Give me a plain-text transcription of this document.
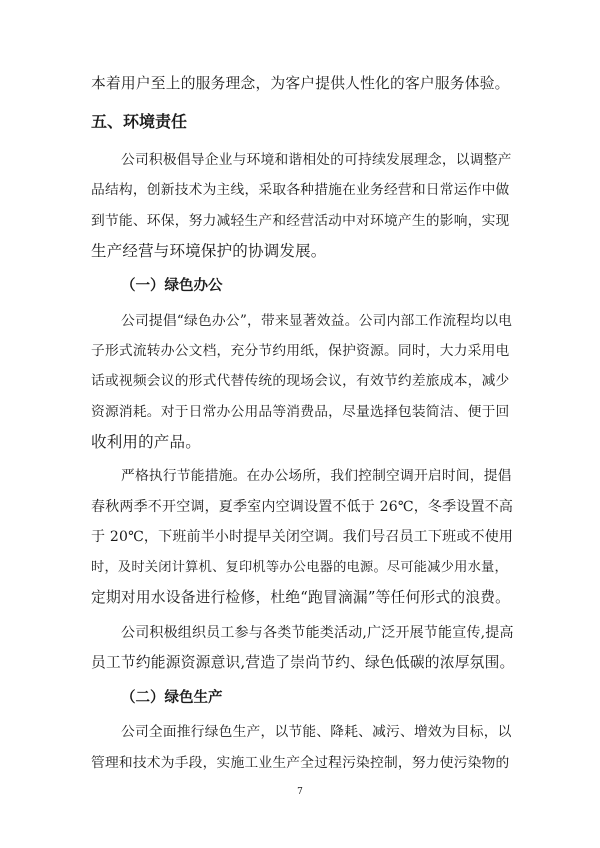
本着用户至上的服务理念，为客户提供人性化的客户服务体验。
五、环境责任
公司积极倡导企业与环境和谐相处的可持续发展理念，以调整产
品结构，创新技术为主线，采取各种措施在业务经营和日常运作中做
到节能、环保，努力减轻生产和经营活动中对环境产生的影响，实现
生产经营与环境保护的协调发展。
（一）绿色办公
公司提倡“绿色办公”，带来显著效益。公司内部工作流程均以电
子形式流转办公文档，充分节约用纸，保护资源。同时，大力采用电
话或视频会议的形式代替传统的现场会议，有效节约差旅成本，减少
资源消耗。对于日常办公用品等消费品，尽量选择包装简洁、便于回
收利用的产品。
严格执行节能措施。在办公场所，我们控制空调开启时间，提倡
春秋两季不开空调，夏季室内空调设置不低于 26℃，冬季设置不高
于 20℃，下班前半小时提早关闭空调。我们号召员工下班或不使用
时，及时关闭计算机、复印机等办公电器的电源。尽可能减少用水量，
定期对用水设备进行检修，杜绝“跑冒滴漏”等任何形式的浪费。
公司积极组织员工参与各类节能类活动,广泛开展节能宣传,提高
员工节约能源资源意识,营造了崇尚节约、绿色低碳的浓厚氛围。
（二）绿色生产
公司全面推行绿色生产，以节能、降耗、减污、增效为目标，以
管理和技术为手段，实施工业生产全过程污染控制，努力使污染物的
7
